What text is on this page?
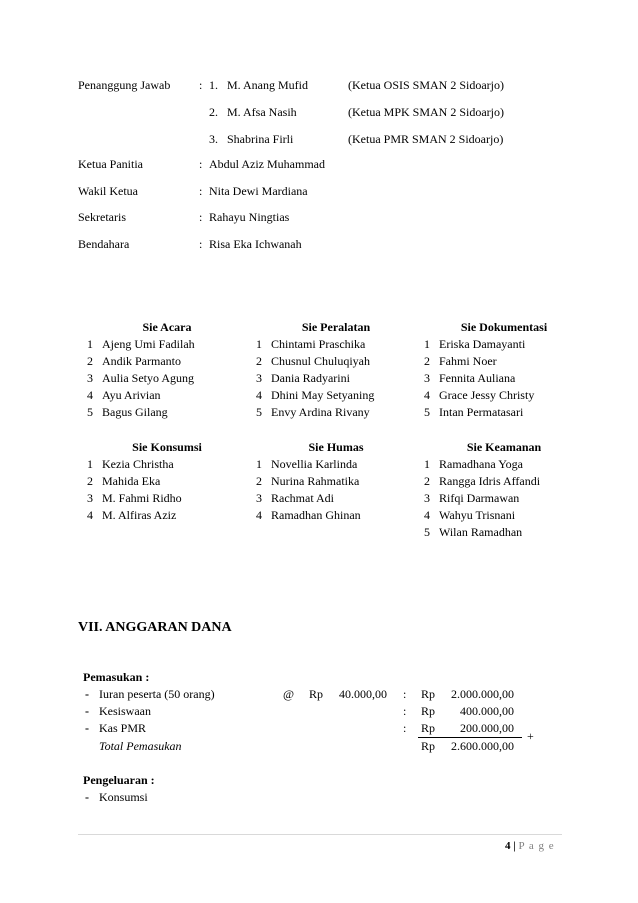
Penanggung Jawab : 1. M. Anang Mufid	(Ketua OSIS SMAN 2 Sidoarjo)
2. M. Afsa Nasih	(Ketua MPK SMAN 2 Sidoarjo)
3. Shabrina Firli	(Ketua PMR SMAN 2 Sidoarjo)
Ketua Panitia	: Abdul Aziz Muhammad
Wakil Ketua	: Nita Dewi Mardiana
Sekretaris	: Rahayu Ningtias
Bendahara	: Risa Eka Ichwanah
Sie Acara
1 Ajeng Umi Fadilah
2 Andik Parmanto
3 Aulia Setyo Agung
4 Ayu Arivian
5 Bagus Gilang
Sie Peralatan
1 Chintami Praschika
2 Chusnul Chuluqiyah
3 Dania Radyarini
4 Dhini May Setyaning
5 Envy Ardina Rivany
Sie Dokumentasi
1 Eriska Damayanti
2 Fahmi Noer
3 Fennita Auliana
4 Grace Jessy Christy
5 Intan Permatasari
Sie Konsumsi
1 Kezia Christha
2 Mahida Eka
3 M. Fahmi Ridho
4 M. Alfiras Aziz
Sie Humas
1 Novellia Karlinda
2 Nurina Rahmatika
3 Rachmat Adi
4 Ramadhan Ghinan
Sie Keamanan
1 Ramadhana Yoga
2 Rangga Idris Affandi
3 Rifqi Darmawan
4 Wahyu Trisnani
5 Wilan Ramadhan
VII. ANGGARAN DANA
Pemasukan :
- Iuran peserta (50 orang)	@ Rp	40.000,00 : Rp	2.000.000,00
- Kesiswaan	: Rp	400.000,00
- Kas PMR	: Rp	200.000,00
+
Total Pemasukan	Rp	2.600.000,00
Pengeluaran :
- Konsumsi
4 | P a g e
